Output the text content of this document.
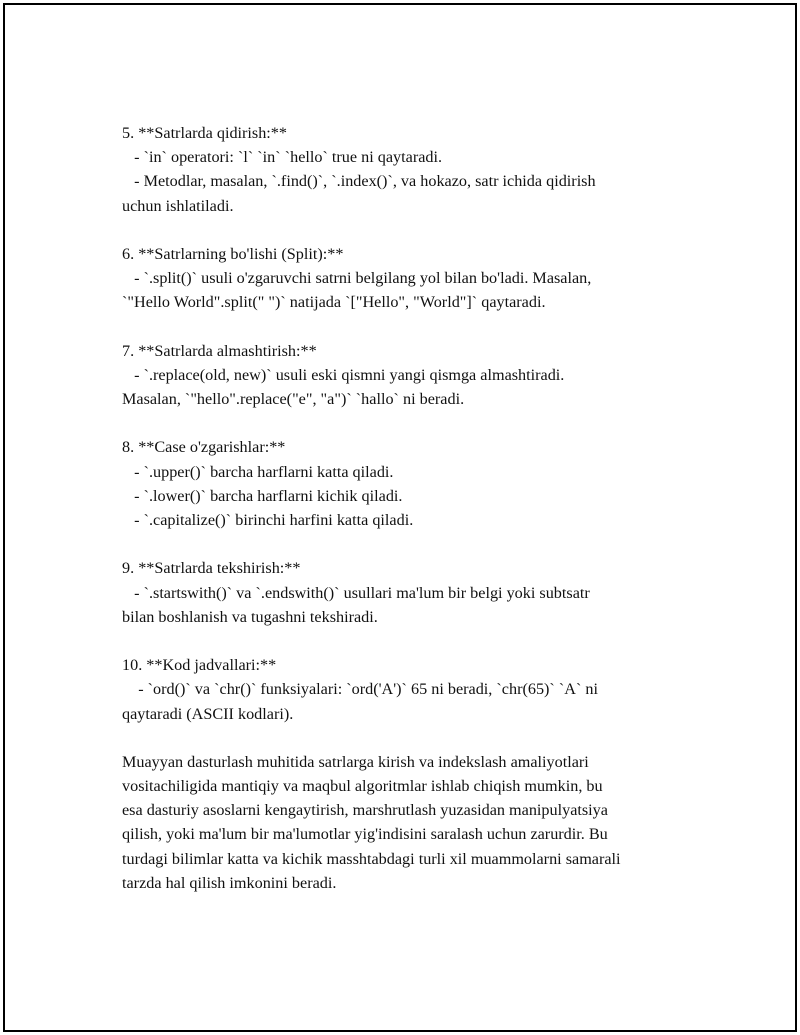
5. **Satrlarda qidirish:**
- `in` operatori: `l` `in` `hello` true ni qaytaradi.
- Metodlar, masalan, `.find()`, `.index()`, va hokazo, satr ichida qidirish
uchun ishlatiladi.
6. **Satrlarning bo'lishi (Split):**
- `.split()` usuli o'zgaruvchi satrni belgilang yol bilan bo'ladi. Masalan,
`"Hello World".split(" ")` natijada `["Hello", "World"]` qaytaradi.
7. **Satrlarda almashtirish:**
- `.replace(old, new)` usuli eski qismni yangi qismga almashtiradi.
Masalan, `"hello".replace("e", "a")` `hallo` ni beradi.
8. **Case o'zgarishlar:**
- `.upper()` barcha harflarni katta qiladi.
- `.lower()` barcha harflarni kichik qiladi.
- `.capitalize()` birinchi harfini katta qiladi.
9. **Satrlarda tekshirish:**
- `.startswith()` va `.endswith()` usullari ma'lum bir belgi yoki subtsatr
bilan boshlanish va tugashni tekshiradi.
10. **Kod jadvallari:**
- `ord()` va `chr()` funksiyalari: `ord('A')` 65 ni beradi, `chr(65)` `A` ni
qaytaradi (ASCII kodlari).
Muayyan dasturlash muhitida satrlarga kirish va indekslash amaliyotlari
vositachiligida mantiqiy va maqbul algoritmlar ishlab chiqish mumkin, bu
esa dasturiy asoslarni kengaytirish, marshrutlash yuzasidan manipulyatsiya
qilish, yoki ma'lum bir ma'lumotlar yig'indisini saralash uchun zarurdir. Bu
turdagi bilimlar katta va kichik masshtabdagi turli xil muammolarni samarali
tarzda hal qilish imkonini beradi.
